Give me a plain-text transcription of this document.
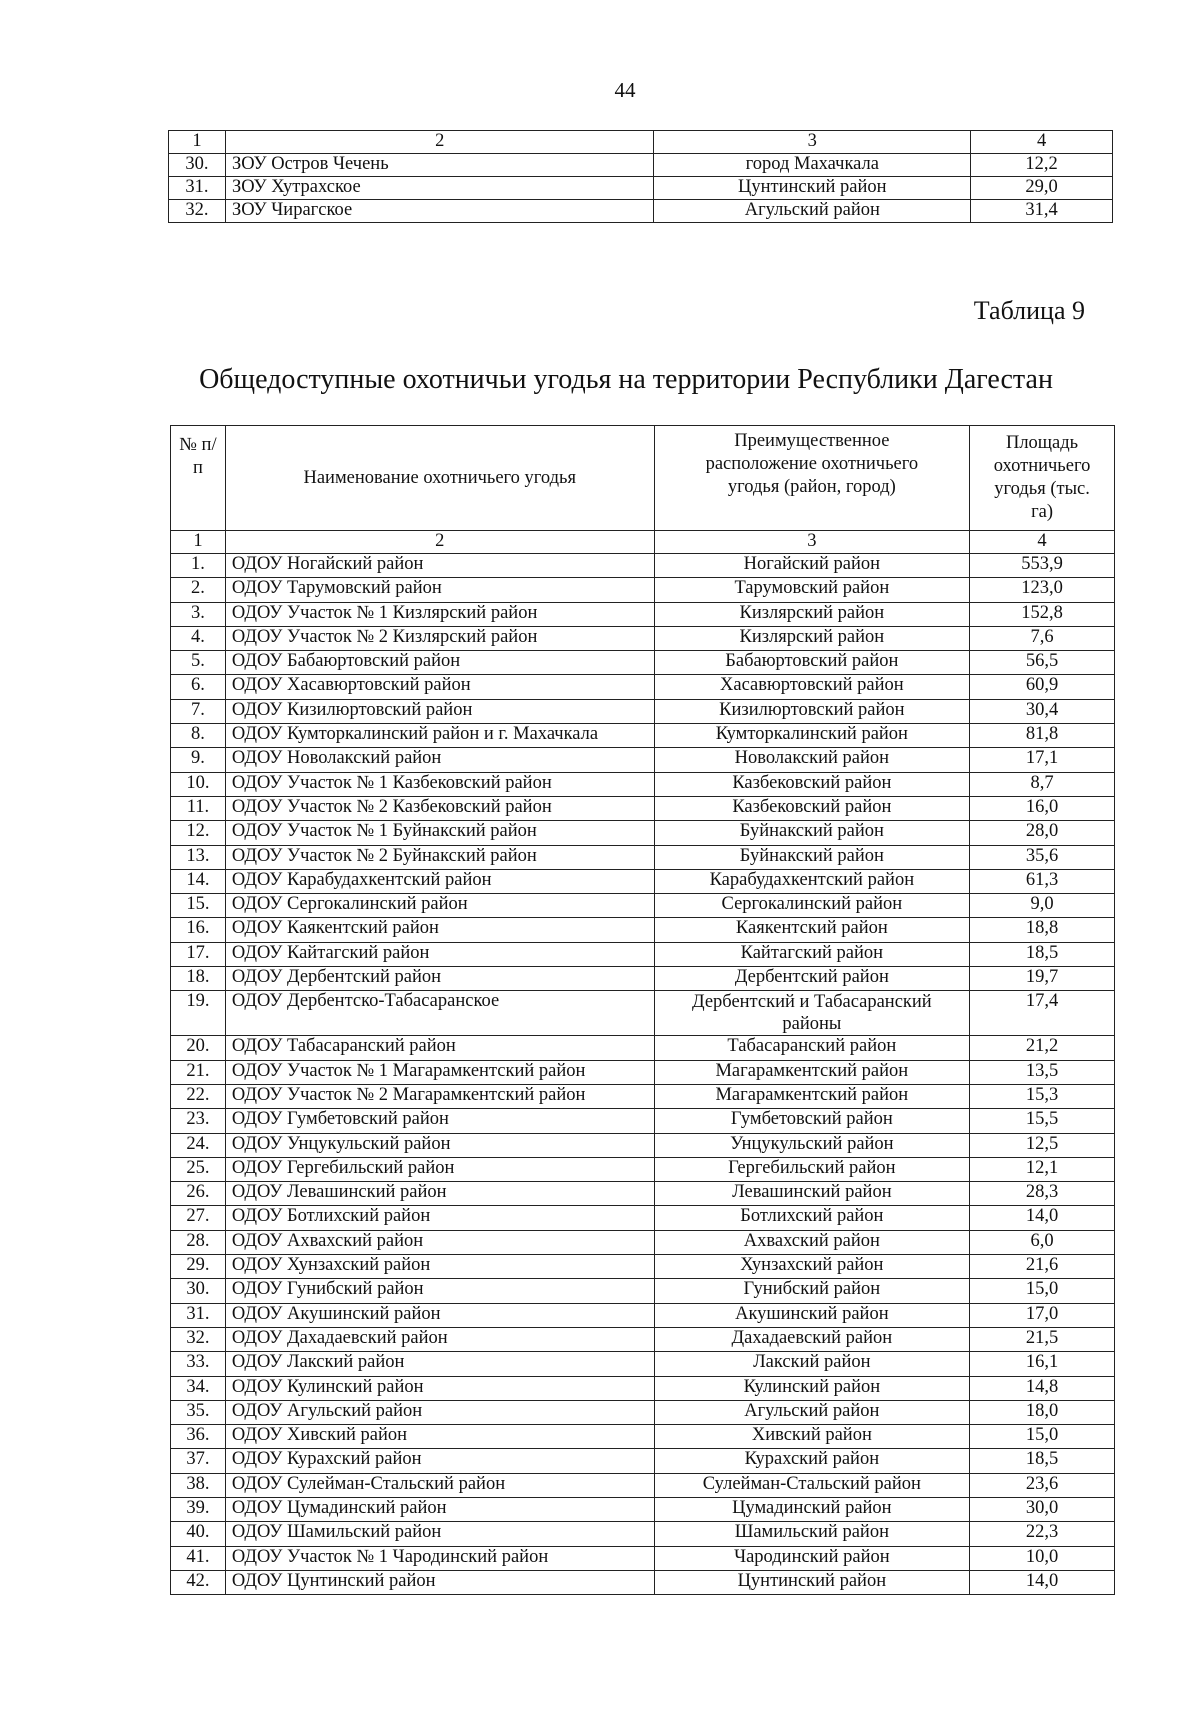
44
1	2	3	4
30.	ЗОУ Остров Чечень	город Махачкала	12,2
31.	ЗОУ Хутрахское	Цунтинский район	29,0
32.	ЗОУ Чирагское	Агульский район	31,4
Таблица 9
Общедоступные охотничьи угодья на территории Республики Дагестан
№ п/п	Наименование охотничьего угодья	Преимущественное расположение охотничьего угодья (район, город)	Площадь охотничьего угодья (тыс. га)
1	2	3	4
1.	ОДОУ Ногайский район	Ногайский район	553,9
2.	ОДОУ Тарумовский район	Тарумовский район	123,0
3.	ОДОУ Участок № 1 Кизлярский район	Кизлярский район	152,8
4.	ОДОУ Участок № 2 Кизлярский район	Кизлярский район	7,6
5.	ОДОУ Бабаюртовский район	Бабаюртовский район	56,5
6.	ОДОУ Хасавюртовский район	Хасавюртовский район	60,9
7.	ОДОУ Кизилюртовский район	Кизилюртовский район	30,4
8.	ОДОУ Кумторкалинский район и г. Махачкала	Кумторкалинский район	81,8
9.	ОДОУ Новолакский район	Новолакский район	17,1
10.	ОДОУ Участок № 1 Казбековский район	Казбековский район	8,7
11.	ОДОУ Участок № 2 Казбековский район	Казбековский район	16,0
12.	ОДОУ Участок № 1 Буйнакский район	Буйнакский район	28,0
13.	ОДОУ Участок № 2 Буйнакский район	Буйнакский район	35,6
14.	ОДОУ Карабудахкентский район	Карабудахкентский район	61,3
15.	ОДОУ Сергокалинский район	Сергокалинский район	9,0
16.	ОДОУ Каякентский район	Каякентский район	18,8
17.	ОДОУ Кайтагский район	Кайтагский район	18,5
18.	ОДОУ Дербентский район	Дербентский район	19,7
19.	ОДОУ Дербентско-Табасаранское	Дербентский и Табасаранский районы	17,4
20.	ОДОУ Табасаранский район	Табасаранский район	21,2
21.	ОДОУ Участок № 1 Магарамкентский район	Магарамкентский район	13,5
22.	ОДОУ Участок № 2 Магарамкентский район	Магарамкентский район	15,3
23.	ОДОУ Гумбетовский район	Гумбетовский район	15,5
24.	ОДОУ Унцукульский район	Унцукульский район	12,5
25.	ОДОУ Гергебильский район	Гергебильский район	12,1
26.	ОДОУ Левашинский район	Левашинский район	28,3
27.	ОДОУ Ботлихский район	Ботлихский район	14,0
28.	ОДОУ Ахвахский район	Ахвахский район	6,0
29.	ОДОУ Хунзахский район	Хунзахский район	21,6
30.	ОДОУ Гунибский район	Гунибский район	15,0
31.	ОДОУ Акушинский район	Акушинский район	17,0
32.	ОДОУ Дахадаевский район	Дахадаевский район	21,5
33.	ОДОУ Лакский район	Лакский район	16,1
34.	ОДОУ Кулинский район	Кулинский район	14,8
35.	ОДОУ Агульский район	Агульский район	18,0
36.	ОДОУ Хивский район	Хивский район	15,0
37.	ОДОУ Курахский район	Курахский район	18,5
38.	ОДОУ Сулейман-Стальский район	Сулейман-Стальский район	23,6
39.	ОДОУ Цумадинский район	Цумадинский район	30,0
40.	ОДОУ Шамильский район	Шамильский район	22,3
41.	ОДОУ Участок № 1 Чародинский район	Чародинский район	10,0
42.	ОДОУ Цунтинский район	Цунтинский район	14,0
